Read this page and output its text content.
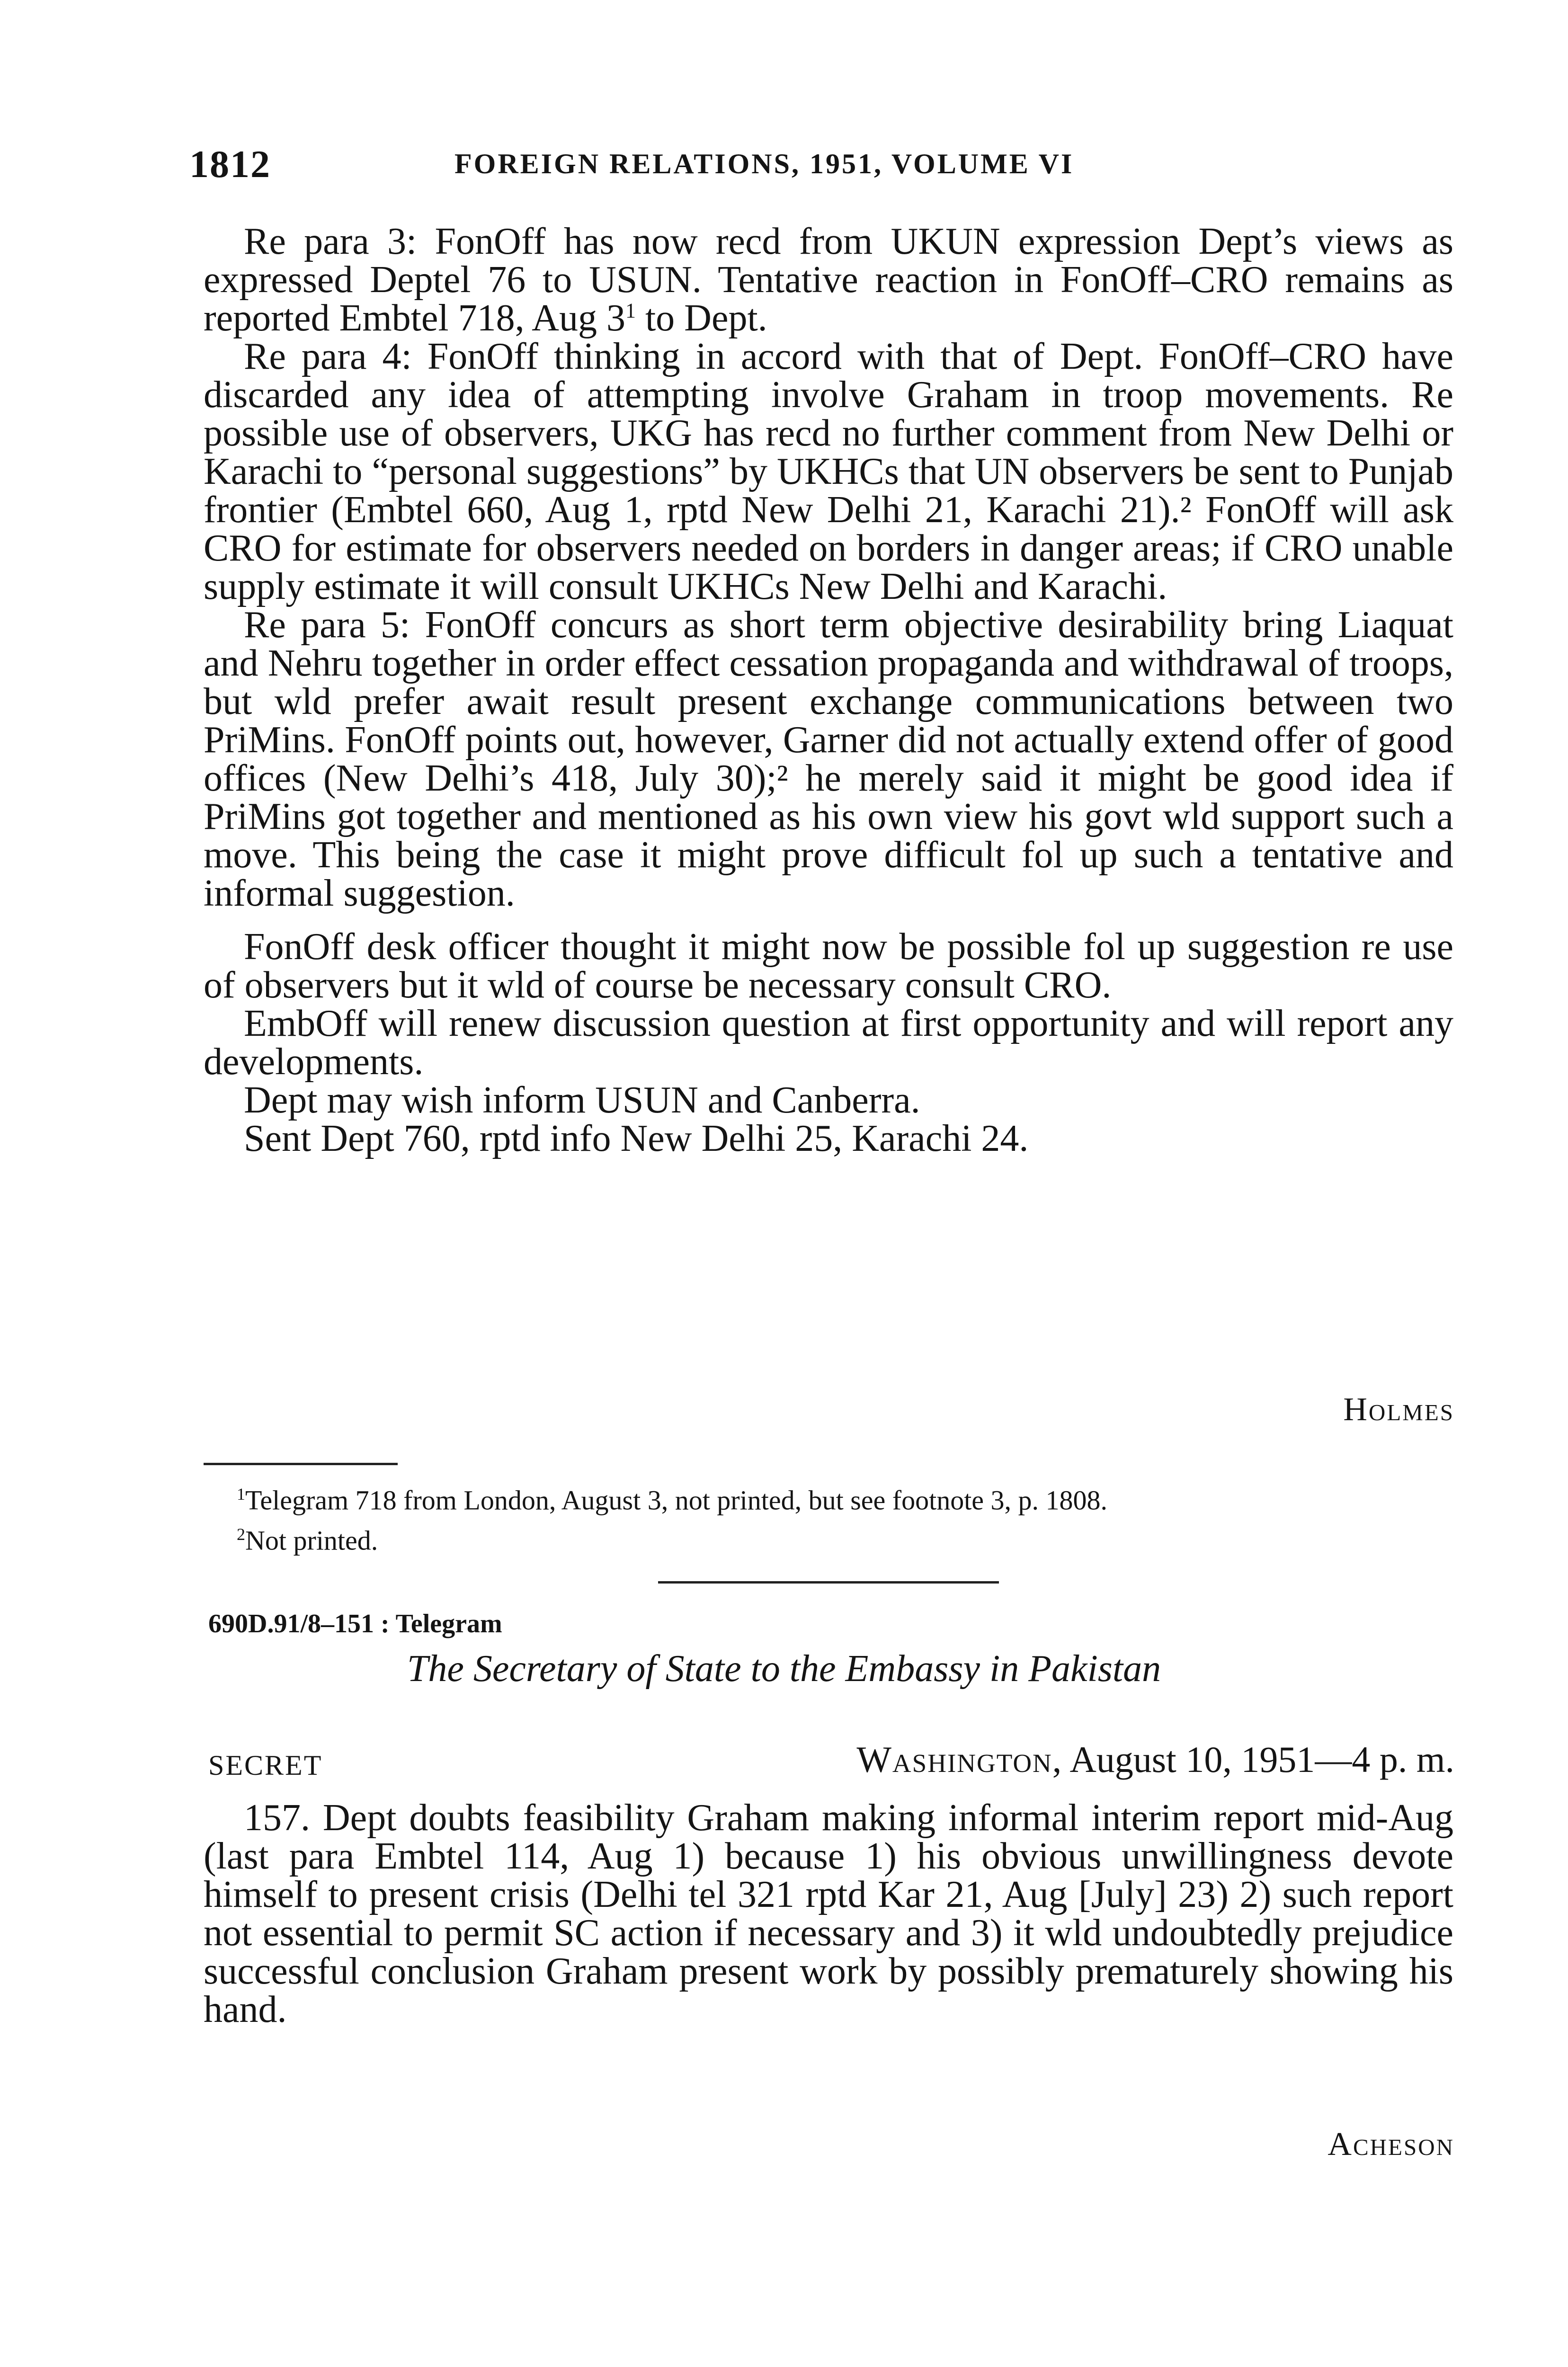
1812	FOREIGN RELATIONS, 1951, VOLUME VI

Re para 3: FonOff has now recd from UKUN expression Dept’s views as expressed Deptel 76 to USUN. Tentative reaction in FonOff–CRO remains as reported Embtel 718, Aug 3$^1$ to Dept.

Re para 4: FonOff thinking in accord with that of Dept. FonOff–CRO have discarded any idea of attempting involve Graham in troop movements. Re possible use of observers, UKG has recd no further comment from New Delhi or Karachi to “personal suggestions” by UKHCs that UN observers be sent to Punjab frontier (Embtel 660, Aug 1, rptd New Delhi 21, Karachi 21).² FonOff will ask CRO for estimate for observers needed on borders in danger areas; if CRO unable supply estimate it will consult UKHCs New Delhi and Karachi.

Re para 5: FonOff concurs as short term objective desirability bring Liaquat and Nehru together in order effect cessation propaganda and withdrawal of troops, but wld prefer await result present exchange communications between two PriMins. FonOff points out, however, Garner did not actually extend offer of good offices (New Delhi’s 418, July 30);² he merely said it might be good idea if PriMins got together and mentioned as his own view his govt wld support such a move. This being the case it might prove difficult fol up such a tentative and informal suggestion.

FonOff desk officer thought it might now be possible fol up suggestion re use of observers but it wld of course be necessary consult CRO.

EmbOff will renew discussion question at first opportunity and will report any developments.

Dept may wish inform USUN and Canberra.

Sent Dept 760, rptd info New Delhi 25, Karachi 24.

Holmes
$^1$Telegram 718 from London, August 3, not printed, but see footnote 3, p. 1808.
$^2$Not printed.
690D.91/8–151 : Telegram
The Secretary of State to the Embassy in Pakistan
SECRET	Washington, August 10, 1951—4 p. m.

157. Dept doubts feasibility Graham making informal interim report mid-Aug (last para Embtel 114, Aug 1) because 1) his obvious unwillingness devote himself to present crisis (Delhi tel 321 rptd Kar 21, Aug [July] 23) 2) such report not essential to permit SC action if necessary and 3) it wld undoubtedly prejudice successful conclusion Graham present work by possibly prematurely showing his hand.

Acheson
